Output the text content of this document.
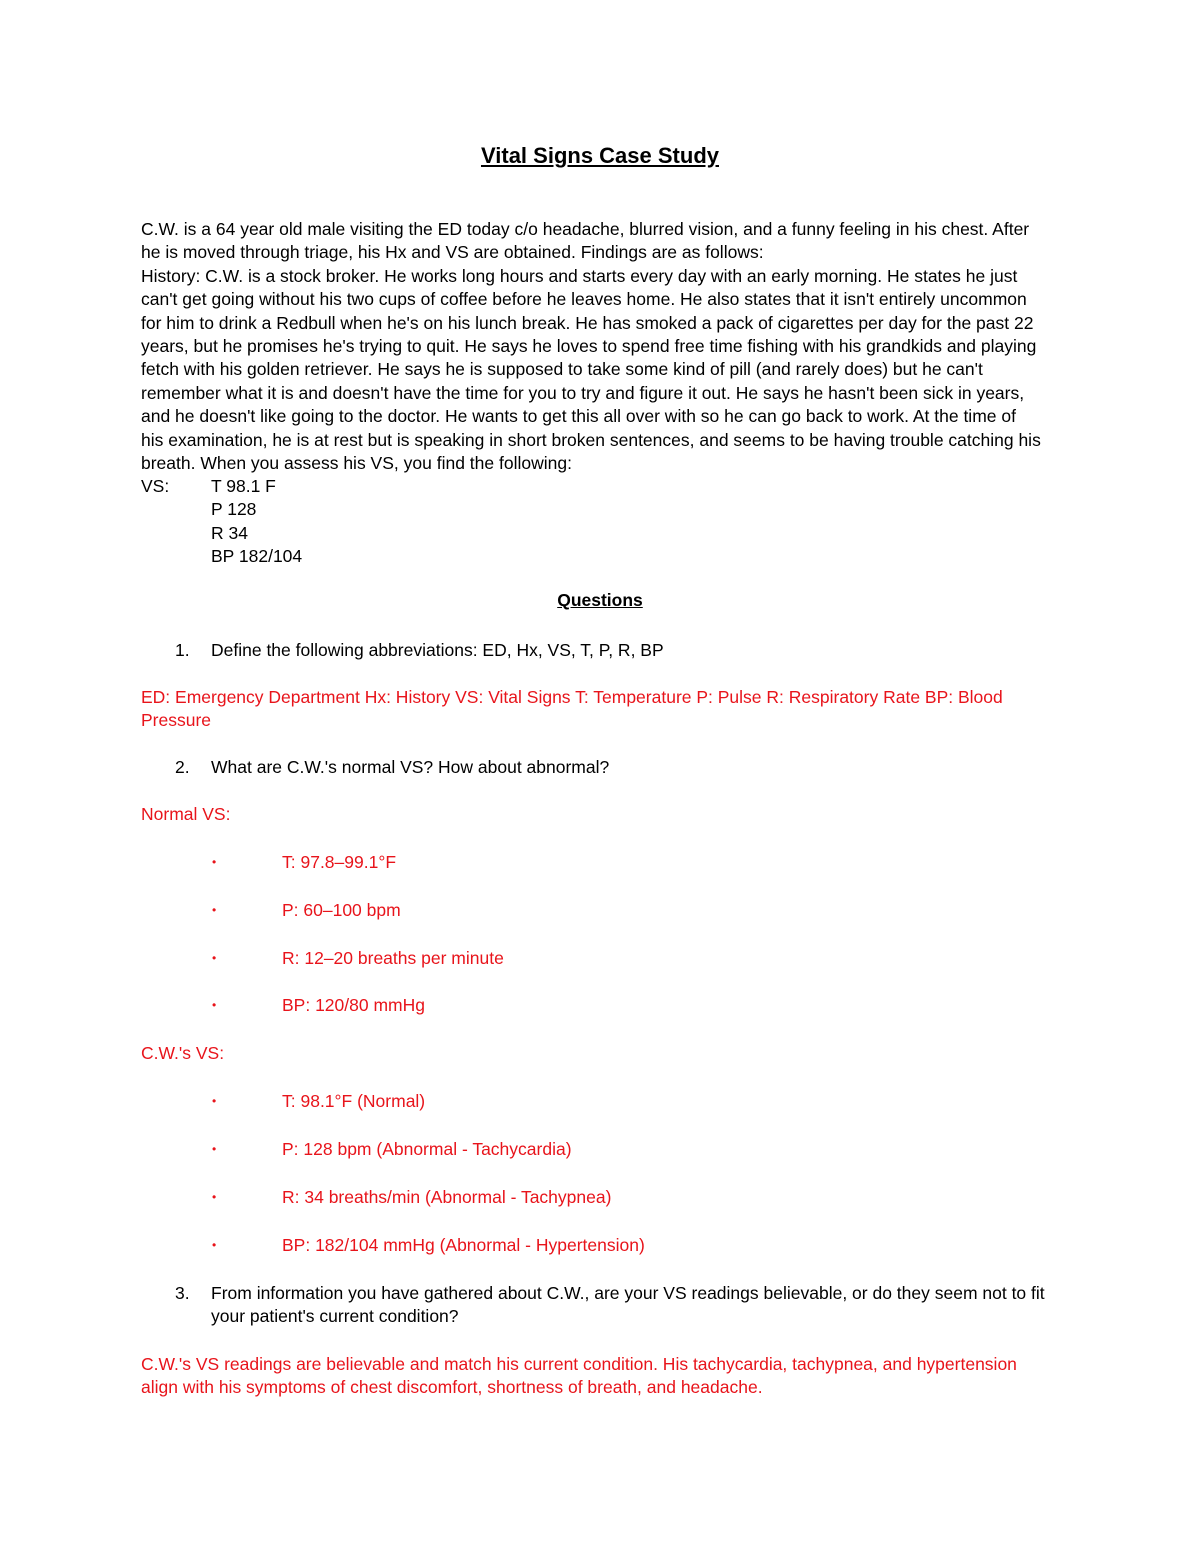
Vital Signs Case Study

C.W. is a 64 year old male visiting the ED today c/o headache, blurred vision, and a funny feeling in his chest. After

he is moved through triage, his Hx and VS are obtained. Findings are as follows:

History: C.W. is a stock broker. He works long hours and starts every day with an early morning. He states he just

can't get going without his two cups of coffee before he leaves home. He also states that it isn't entirely uncommon

for him to drink a Redbull when he's on his lunch break. He has smoked a pack of cigarettes per day for the past 22

years, but he promises he's trying to quit. He says he loves to spend free time fishing with his grandkids and playing

fetch with his golden retriever. He says he is supposed to take some kind of pill (and rarely does) but he can't

remember what it is and doesn't have the time for you to try and figure it out. He says he hasn't been sick in years,

and he doesn't like going to the doctor. He wants to get this all over with so he can go back to work. At the time of

his examination, he is at rest but is speaking in short broken sentences, and seems to be having trouble catching his

breath. When you assess his VS, you find the following:

VS: T 98.1 F
P 128
R 34
BP 182/104
Questions
1. Define the following abbreviations: ED, Hx, VS, T, P, R, BP
ED: Emergency Department Hx: History VS: Vital Signs T: Temperature P: Pulse R: Respiratory Rate BP: Blood
Pressure
2. What are C.W.'s normal VS? How about abnormal?
Normal VS:
•	T: 97.8–99.1°F
•	P: 60–100 bpm
•	R: 12–20 breaths per minute
•	BP: 120/80 mmHg
C.W.'s VS:
•	T: 98.1°F (Normal)
•	P: 128 bpm (Abnormal - Tachycardia)
•	R: 34 breaths/min (Abnormal - Tachypnea)
•	BP: 182/104 mmHg (Abnormal - Hypertension)
3. From information you have gathered about C.W., are your VS readings believable, or do they seem not to fit
your patient's current condition?
C.W.'s VS readings are believable and match his current condition. His tachycardia, tachypnea, and hypertension
align with his symptoms of chest discomfort, shortness of breath, and headache.
